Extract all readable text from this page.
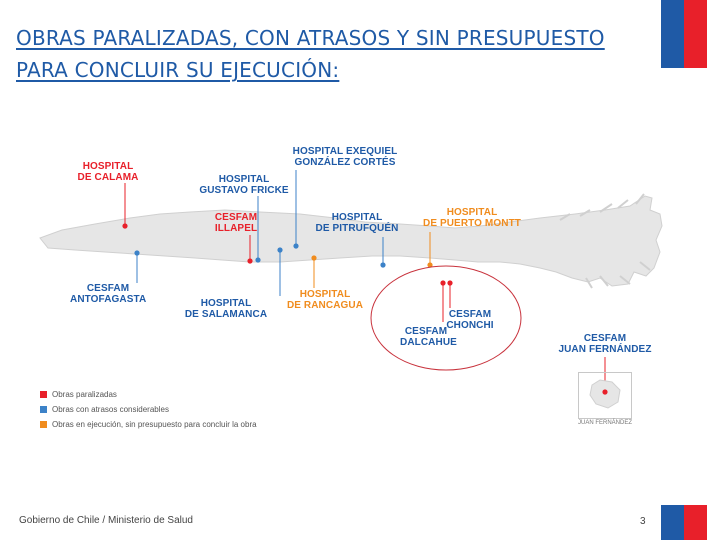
OBRAS PARALIZADAS, CON ATRASOS Y SIN PRESUPUESTO PARA CONCLUIR SU EJECUCIÓN:
HOSPITAL
DE CALAMA
CESFAM
ANTOFAGASTA
HOSPITAL
GUSTAVO FRICKE
CESFAM
ILLAPEL
HOSPITAL
DE SALAMANCA
HOSPITAL EXEQUIEL
GONZÁLEZ CORTÉS
HOSPITAL
DE RANCAGUA
HOSPITAL
DE PITRUFQUÉN
HOSPITAL
DE PUERTO MONTT
CESFAM
CHONCHI
CESFAM
DALCAHUE	CESFAM
JUAN FERNÁNDEZ
JUAN FERNÁNDEZ
Obras paralizadas
Obras con atrasos considerables
Obras en ejecución, sin presupuesto para concluir la obra
Gobierno de Chile / Ministerio de Salud	3
